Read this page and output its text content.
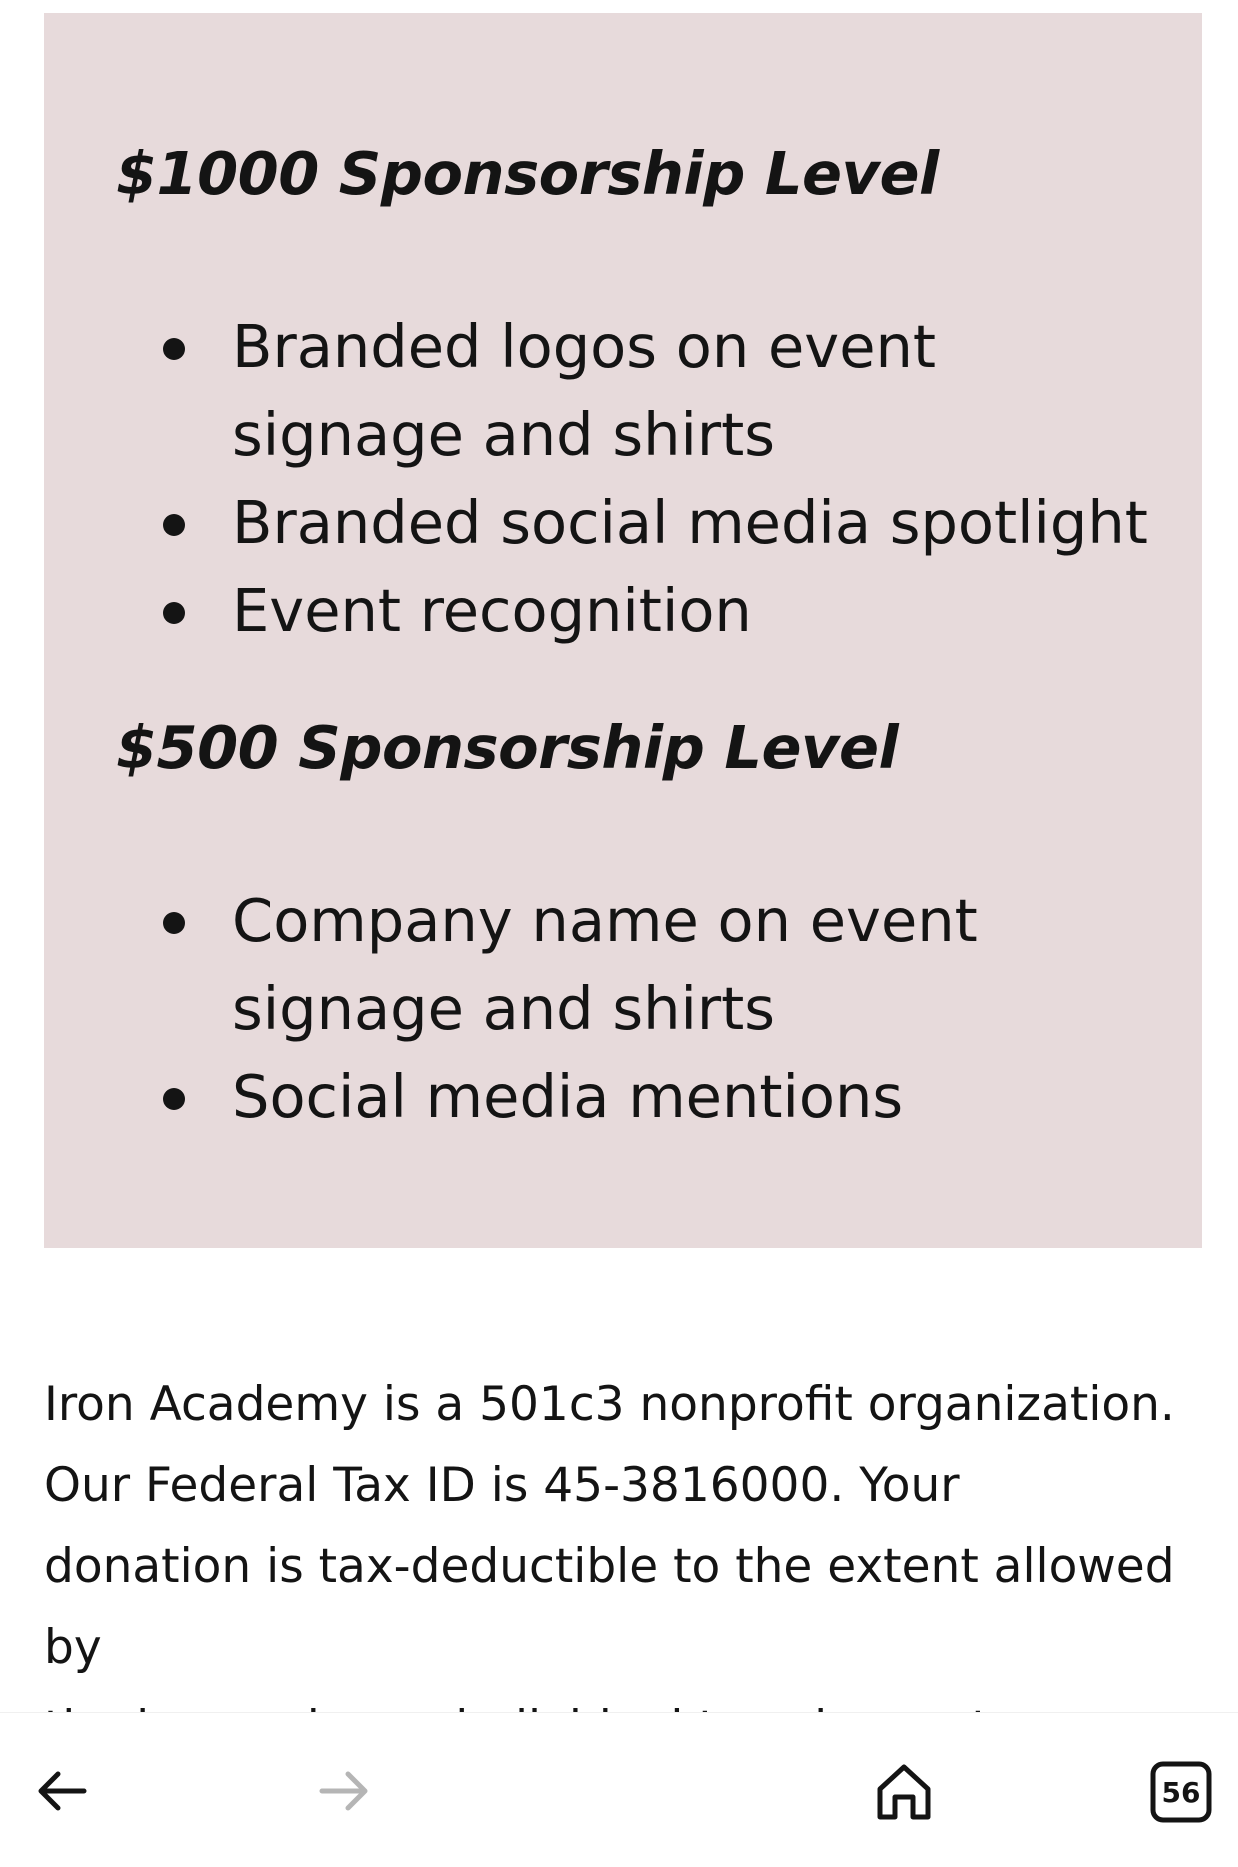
$1000 Sponsorship Level
Branded logos on event
signage and shirts
Branded social media spotlight
Event recognition
$500 Sponsorship Level
Company name on event
signage and shirts
Social media mentions

Iron Academy is a 501c3 nonprofit organization.
Our Federal Tax ID is 45-3816000. Your
donation is tax-deductible to the extent allowed by

56
